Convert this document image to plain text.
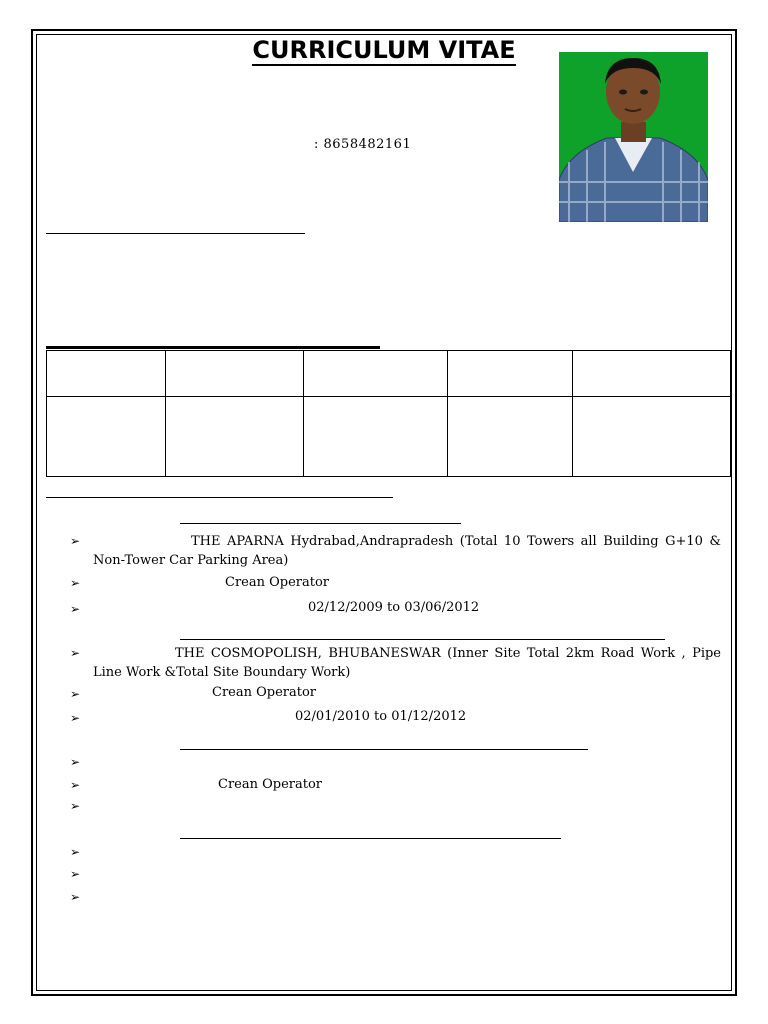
CURRICULUM VITAE
: 8658482161

➢	THE APARNA Hydrabad,Andrapradesh (Total 10 Towers all Building G+10 & Non-Tower Car Parking Area)
➢	Crean Operator
➢	02/12/2009 to 03/06/2012
➢	THE COSMOPOLISH, BHUBANESWAR (Inner Site Total 2km Road Work , Pipe Line Work &Total Site Boundary Work)
➢	Crean Operator
➢	02/01/2010 to 01/12/2012
➢
➢	Crean Operator
➢
➢
➢
➢
